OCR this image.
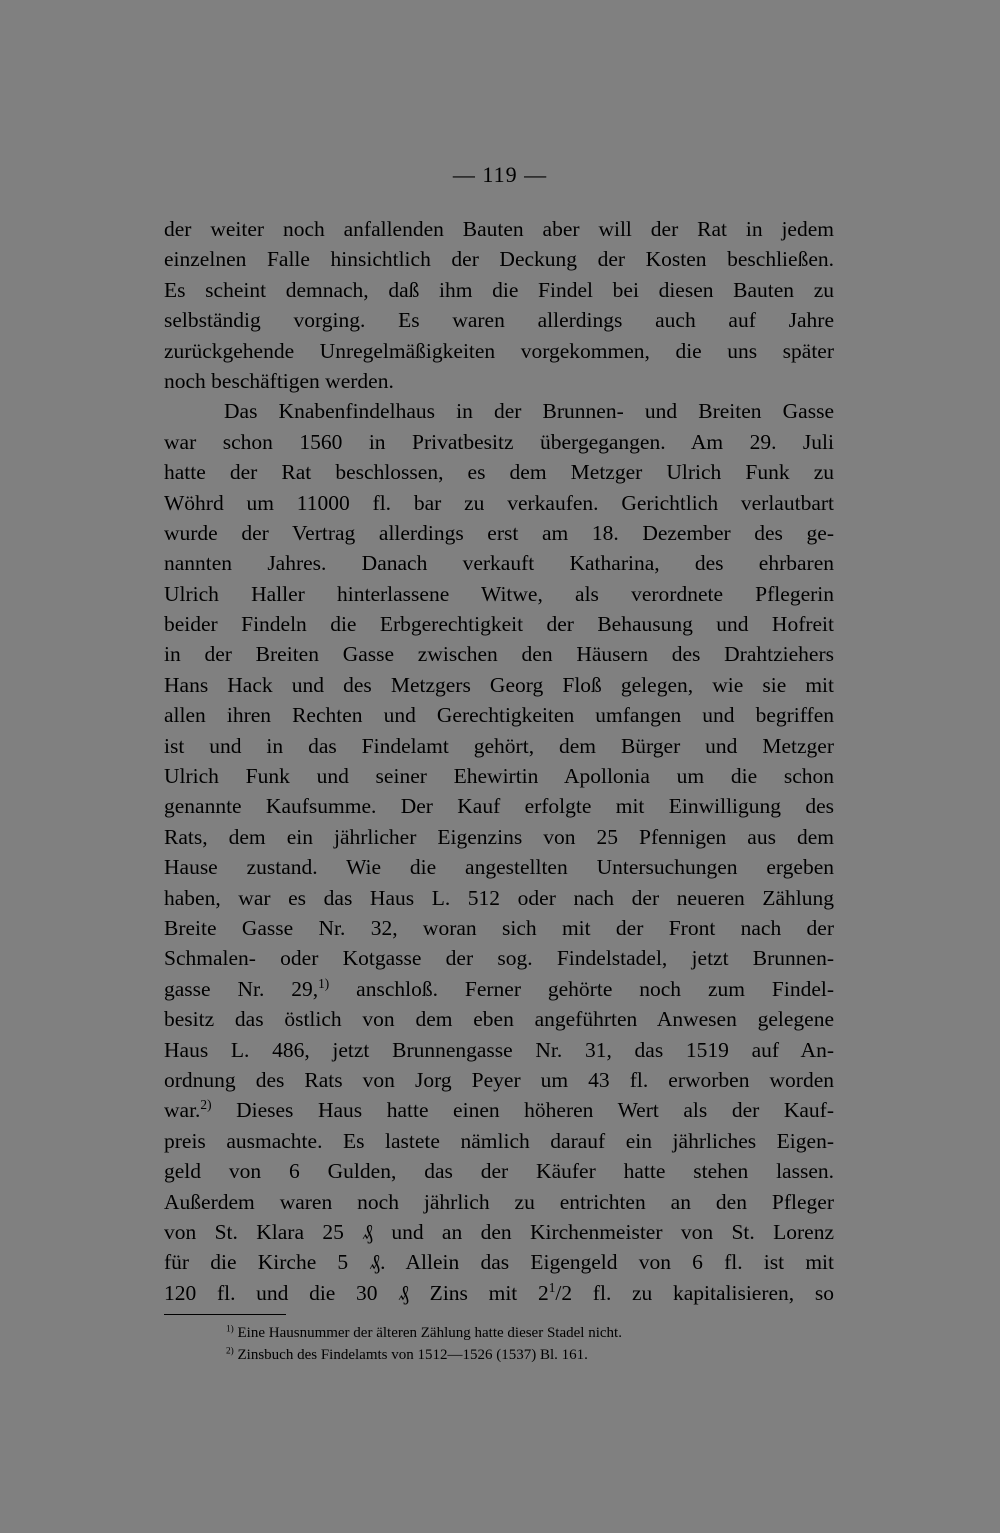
— 119 —
der weiter noch anfallenden Bauten aber will der Rat in jedem
einzelnen Falle hinsichtlich der Deckung der Kosten beschließen.
Es scheint demnach, daß ihm die Findel bei diesen Bauten zu
selbständig vorging. Es waren allerdings auch auf Jahre
zurückgehende Unregelmäßigkeiten vorgekommen, die uns später
noch beschäftigen werden.
Das Knabenfindelhaus in der Brunnen- und Breiten Gasse
war schon 1560 in Privatbesitz übergegangen. Am 29. Juli
hatte der Rat beschlossen, es dem Metzger Ulrich Funk zu
Wöhrd um 11000 fl. bar zu verkaufen. Gerichtlich verlautbart
wurde der Vertrag allerdings erst am 18. Dezember des ge-
nannten Jahres. Danach verkauft Katharina, des ehrbaren
Ulrich Haller hinterlassene Witwe, als verordnete Pflegerin
beider Findeln die Erbgerechtigkeit der Behausung und Hofreit
in der Breiten Gasse zwischen den Häusern des Drahtziehers
Hans Hack und des Metzgers Georg Floß gelegen, wie sie mit
allen ihren Rechten und Gerechtigkeiten umfangen und begriffen
ist und in das Findelamt gehört, dem Bürger und Metzger
Ulrich Funk und seiner Ehewirtin Apollonia um die schon
genannte Kaufsumme. Der Kauf erfolgte mit Einwilligung des
Rats, dem ein jährlicher Eigenzins von 25 Pfennigen aus dem
Hause zustand. Wie die angestellten Untersuchungen ergeben
haben, war es das Haus L. 512 oder nach der neueren Zählung
Breite Gasse Nr. 32, woran sich mit der Front nach der
Schmalen- oder Kotgasse der sog. Findelstadel, jetzt Brunnen-
gasse Nr. 29,$^{1)}$ anschloß. Ferner gehörte noch zum Findel-
besitz das östlich von dem eben angeführten Anwesen gelegene
Haus L. 486, jetzt Brunnengasse Nr. 31, das 1519 auf An-
ordnung des Rats von Jorg Peyer um 43 fl. erworben worden
war.$^{2)}$ Dieses Haus hatte einen höheren Wert als der Kauf-
preis ausmachte. Es lastete nämlich darauf ein jährliches Eigen-
geld von 6 Gulden, das der Käufer hatte stehen lassen.
Außerdem waren noch jährlich zu entrichten an den Pfleger
von St. Klara 25 ₰ und an den Kirchenmeister von St. Lorenz
für die Kirche 5 ₰. Allein das Eigengeld von 6 fl. ist mit
120 fl. und die 30 ₰ Zins mit $2^1/2$ fl. zu kapitalisieren, so
$^{1)}$ Eine Hausnummer der älteren Zählung hatte dieser Stadel nicht.
$^{2)}$ Zinsbuch des Findelamts von 1512—1526 (1537) Bl. 161.
